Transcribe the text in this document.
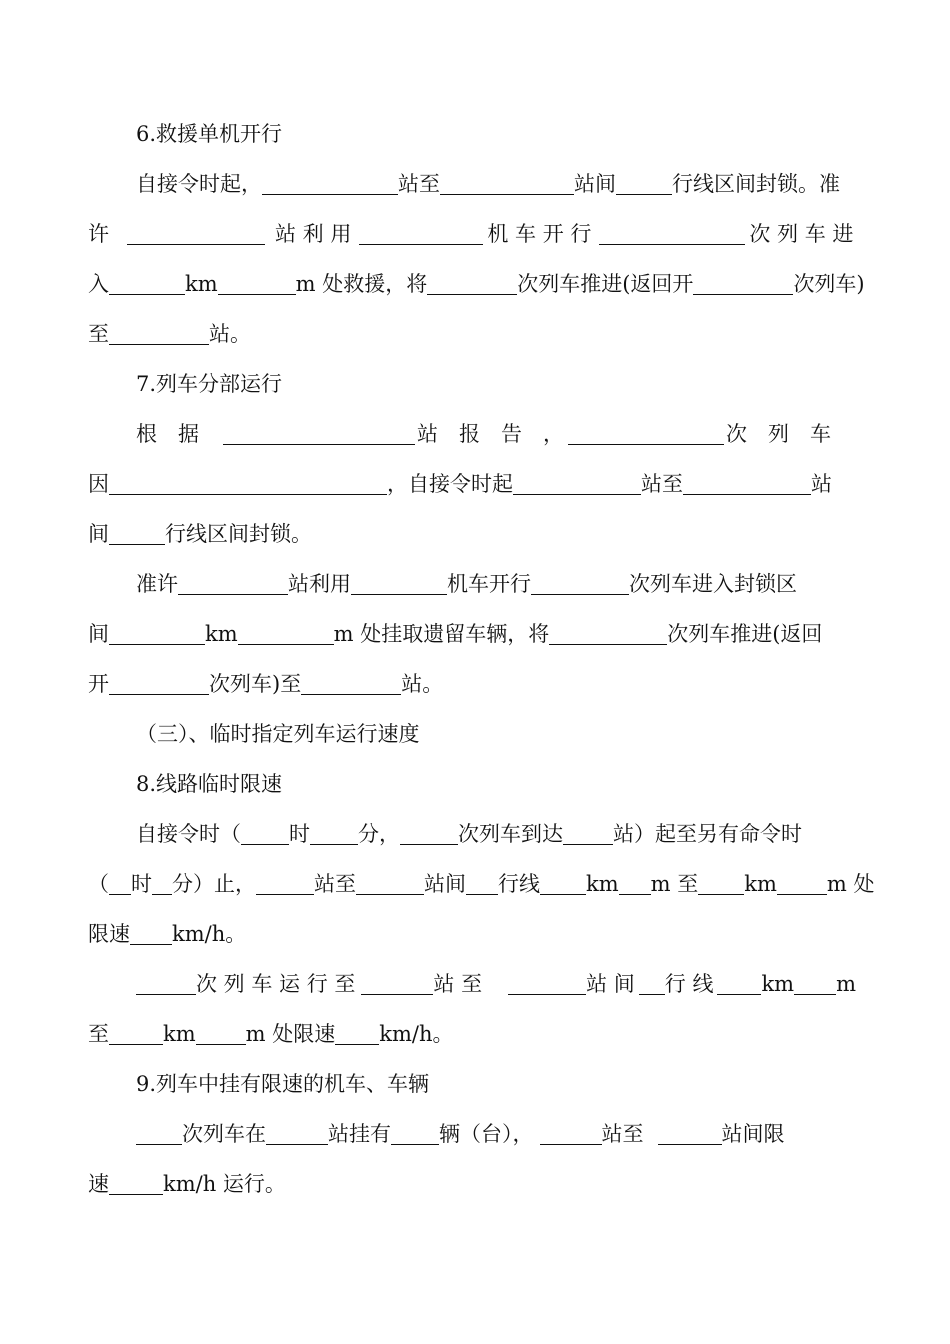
6.救援单机开行
自接令时起，	站至	站间	行线区间封锁。准
许	站 利 用	机 车 开 行	次 列 车 进
入	km	m 处救援，将	次列车推进(返回开	次列车)
至	站。
7.列车分部运行
根　据	站　报　告　，	次　列　车
因	，自接令时起	站至	站
间	行线区间封锁。
准许	站利用	机车开行	次列车进入封锁区
间	km	m 处挂取遗留车辆，将	次列车推进(返回
开	次列车)至	站。
（三）、临时指定列车运行速度
8.线路临时限速
自接令时（ 时 分，	次列车到达 站）起至另有命令时
（ 时 分）止，	站至	站间 行线 km m 至 km m 处
限速 km/h。
次 列 车 运 行 至	站 至	站 间 行 线 km m
至	km m 处限速 km/h。
9.列车中挂有限速的机车、车辆
次列车在	站挂有 辆（台），	站至	站间限
速	km/h 运行。
